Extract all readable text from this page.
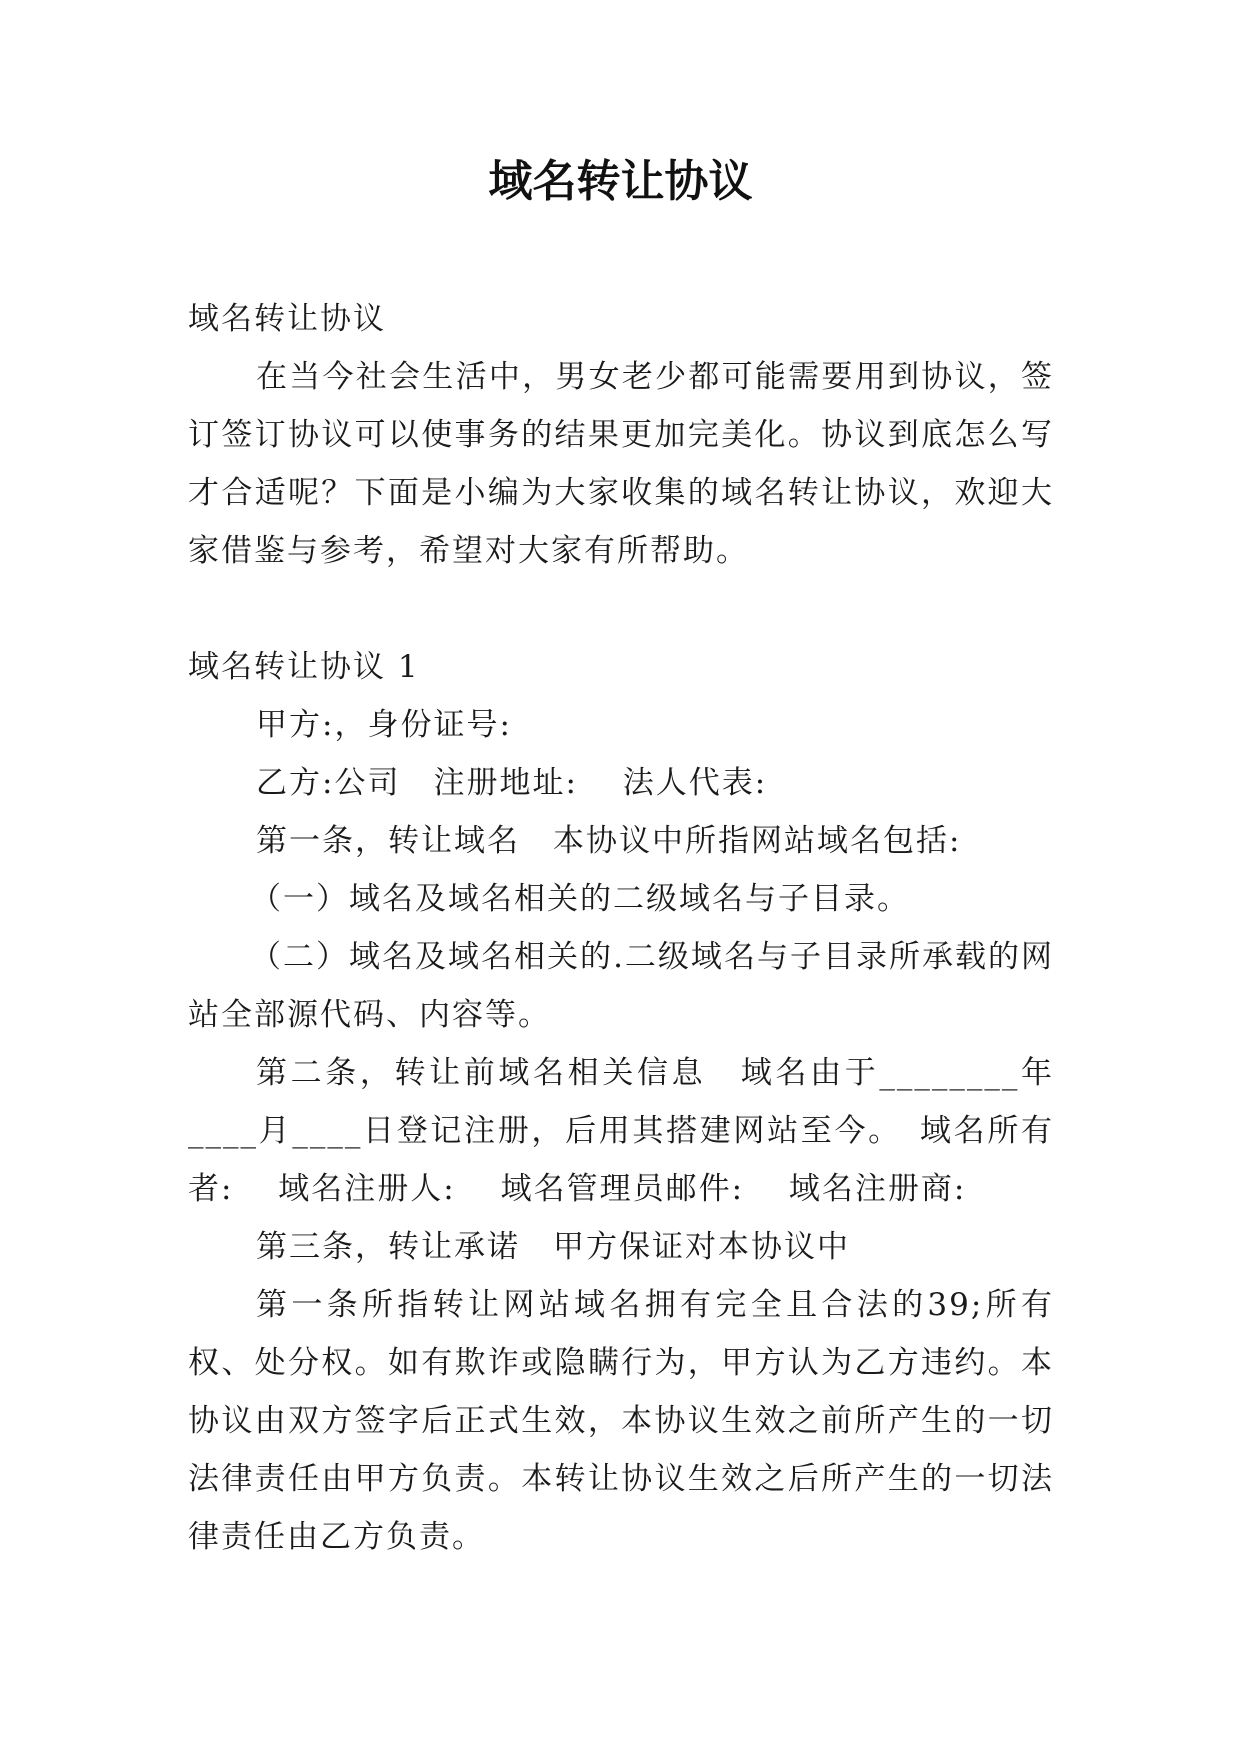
域名转让协议

域名转让协议

在当今社会生活中，男女老少都可能需要用到协议，签订签订协议可以使事务的结果更加完美化。协议到底怎么写才合适呢？下面是小编为大家收集的域名转让协议，欢迎大家借鉴与参考，希望对大家有所帮助。

域名转让协议 1

甲方:，身份证号:

乙方:公司　注册地址:　 法人代表:

第一条，转让域名　本协议中所指网站域名包括:

（一）域名及域名相关的二级域名与子目录。

（二）域名及域名相关的.二级域名与子目录所承载的网站全部源代码、内容等。

第二条，转让前域名相关信息　域名由于________年____月____日登记注册，后用其搭建网站至今。　域名所有者:　 域名注册人:　 域名管理员邮件:　 域名注册商:

第三条，转让承诺　甲方保证对本协议中

第一条所指转让网站域名拥有完全且合法的39;所有权、处分权。如有欺诈或隐瞒行为，甲方认为乙方违约。本协议由双方签字后正式生效，本协议生效之前所产生的一切法律责任由甲方负责。本转让协议生效之后所产生的一切法律责任由乙方负责。
